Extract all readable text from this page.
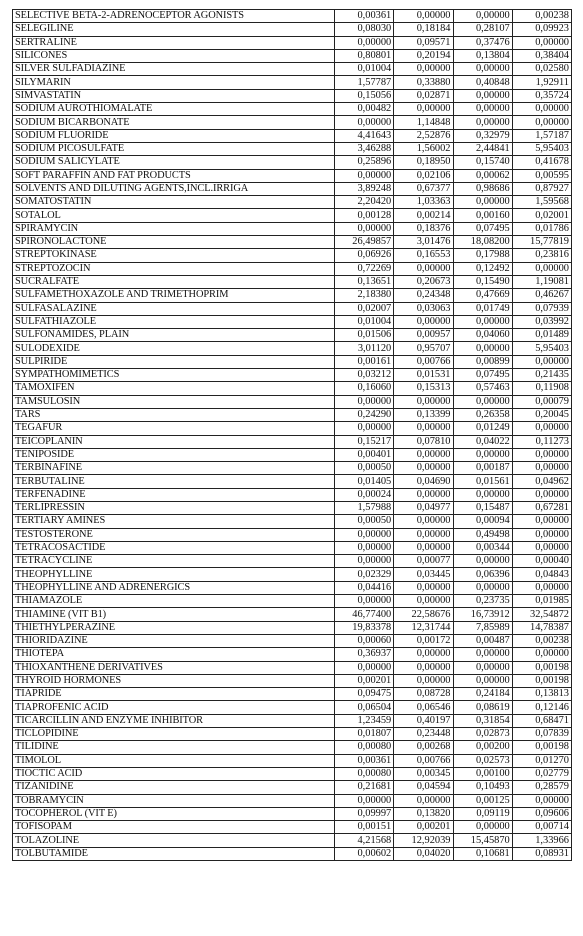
SELECTIVE BETA-2-ADRENOCEPTOR AGONISTS	0,00361	0,00000	0,00000	0,00238
SELEGILINE	0,08030	0,18184	0,28107	0,09923
SERTRALINE	0,00000	0,09571	0,37476	0,00000
SILICONES	0,80801	0,20194	0,13804	0,38404
SILVER SULFADIAZINE	0,01004	0,00000	0,00000	0,02580
SILYMARIN	1,57787	0,33880	0,40848	1,92911
SIMVASTATIN	0,15056	0,02871	0,00000	0,35724
SODIUM AUROTHIOMALATE	0,00482	0,00000	0,00000	0,00000
SODIUM BICARBONATE	0,00000	1,14848	0,00000	0,00000
SODIUM FLUORIDE	4,41643	2,52876	0,32979	1,57187
SODIUM PICOSULFATE	3,46288	1,56002	2,44841	5,95403
SODIUM SALICYLATE	0,25896	0,18950	0,15740	0,41678
SOFT PARAFFIN AND FAT PRODUCTS	0,00000	0,02106	0,00062	0,00595
SOLVENTS AND DILUTING AGENTS,INCL.IRRIGA	3,89248	0,67377	0,98686	0,87927
SOMATOSTATIN	2,20420	1,03363	0,00000	1,59568
SOTALOL	0,00128	0,00214	0,00160	0,02001
SPIRAMYCIN	0,00000	0,18376	0,07495	0,01786
SPIRONOLACTONE	26,49857	3,01476	18,08200	15,77819
STREPTOKINASE	0,06926	0,16553	0,17988	0,23816
STREPTOZOCIN	0,72269	0,00000	0,12492	0,00000
SUCRALFATE	0,13651	0,20673	0,15490	1,19081
SULFAMETHOXAZOLE AND TRIMETHOPRIM	2,18380	0,24348	0,47669	0,46267
SULFASALAZINE	0,02007	0,03063	0,01749	0,07939
SULFATHIAZOLE	0,01004	0,00000	0,00000	0,03992
SULFONAMIDES, PLAIN	0,01506	0,00957	0,04060	0,01489
SULODEXIDE	3,01120	0,95707	0,00000	5,95403
SULPIRIDE	0,00161	0,00766	0,00899	0,00000
SYMPATHOMIMETICS	0,03212	0,01531	0,07495	0,21435
TAMOXIFEN	0,16060	0,15313	0,57463	0,11908
TAMSULOSIN	0,00000	0,00000	0,00000	0,00079
TARS	0,24290	0,13399	0,26358	0,20045
TEGAFUR	0,00000	0,00000	0,01249	0,00000
TEICOPLANIN	0,15217	0,07810	0,04022	0,11273
TENIPOSIDE	0,00401	0,00000	0,00000	0,00000
TERBINAFINE	0,00050	0,00000	0,00187	0,00000
TERBUTALINE	0,01405	0,04690	0,01561	0,04962
TERFENADINE	0,00024	0,00000	0,00000	0,00000
TERLIPRESSIN	1,57988	0,04977	0,15487	0,67281
TERTIARY AMINES	0,00050	0,00000	0,00094	0,00000
TESTOSTERONE	0,00000	0,00000	0,49498	0,00000
TETRACOSACTIDE	0,00000	0,00000	0,00344	0,00000
TETRACYCLINE	0,00000	0,00077	0,00000	0,00040
THEOPHYLLINE	0,02329	0,03445	0,06396	0,04843
THEOPHYLLINE AND ADRENERGICS	0,04416	0,00000	0,00000	0,00000
THIAMAZOLE	0,00000	0,00000	0,23735	0,01985
THIAMINE (VIT B1)	46,77400	22,58676	16,73912	32,54872
THIETHYLPERAZINE	19,83378	12,31744	7,85989	14,78387
THIORIDAZINE	0,00060	0,00172	0,00487	0,00238
THIOTEPA	0,36937	0,00000	0,00000	0,00000
THIOXANTHENE DERIVATIVES	0,00000	0,00000	0,00000	0,00198
THYROID HORMONES	0,00201	0,00000	0,00000	0,00198
TIAPRIDE	0,09475	0,08728	0,24184	0,13813
TIAPROFENIC ACID	0,06504	0,06546	0,08619	0,12146
TICARCILLIN AND ENZYME INHIBITOR	1,23459	0,40197	0,31854	0,68471
TICLOPIDINE	0,01807	0,23448	0,02873	0,07839
TILIDINE	0,00080	0,00268	0,00200	0,00198
TIMOLOL	0,00361	0,00766	0,02573	0,01270
TIOCTIC ACID	0,00080	0,00345	0,00100	0,02779
TIZANIDINE	0,21681	0,04594	0,10493	0,28579
TOBRAMYCIN	0,00000	0,00000	0,00125	0,00000
TOCOPHEROL (VIT E)	0,09997	0,13820	0,09119	0,09606
TOFISOPAM	0,00151	0,00201	0,00000	0,00714
TOLAZOLINE	4,21568	12,92039	15,45870	1,33966
TOLBUTAMIDE	0,00602	0,04020	0,10681	0,08931
